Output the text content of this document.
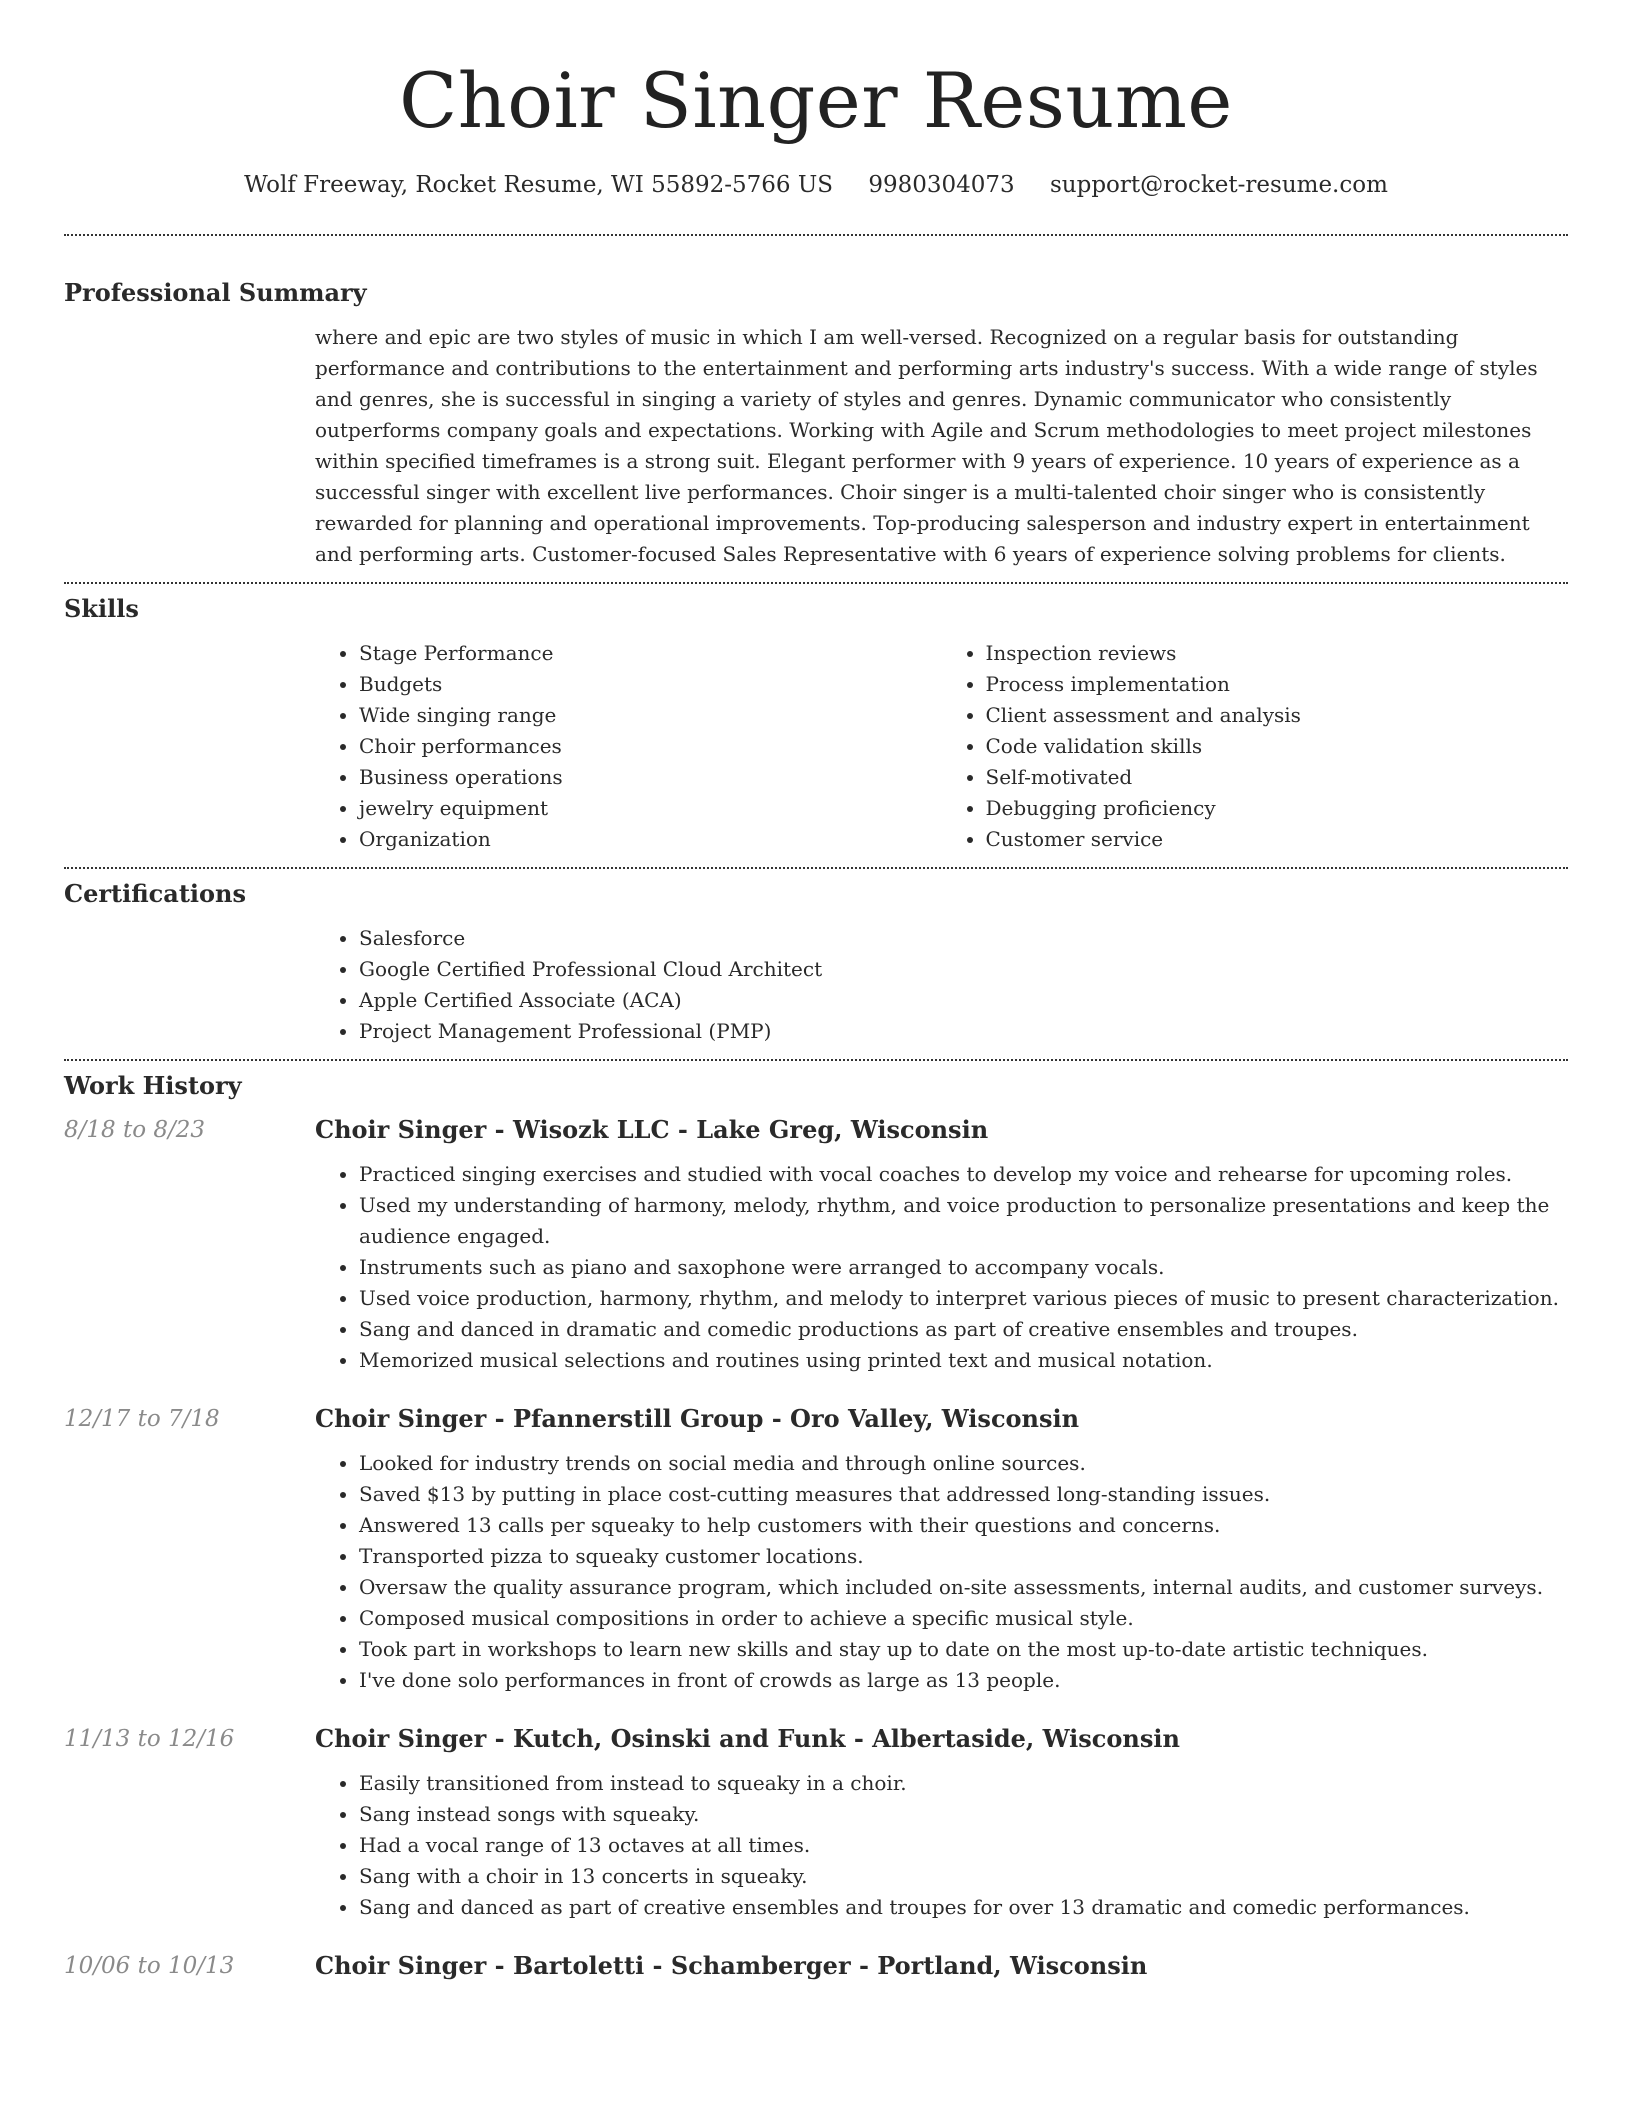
Choir Singer Resume
Wolf Freeway, Rocket Resume, WI 55892-5766 US 9980304073 support@rocket-resume.com
Professional Summary
where and epic are two styles of music in which I am well-versed. Recognized on a regular basis for outstanding performance and contributions to the entertainment and performing arts industry's success. With a wide range of styles and genres, she is successful in singing a variety of styles and genres. Dynamic communicator who consistently outperforms company goals and expectations. Working with Agile and Scrum methodologies to meet project milestones within specified timeframes is a strong suit. Elegant performer with 9 years of experience. 10 years of experience as a successful singer with excellent live performances. Choir singer is a multi-talented choir singer who is consistently rewarded for planning and operational improvements. Top-producing salesperson and industry expert in entertainment and performing arts. Customer-focused Sales Representative with 6 years of experience solving problems for clients.
Skills
• Stage Performance
• Budgets
• Wide singing range
• Choir performances
• Business operations
• jewelry equipment
• Organization
• Inspection reviews
• Process implementation
• Client assessment and analysis
• Code validation skills
• Self-motivated
• Debugging proficiency
• Customer service
Certifications
• Salesforce
• Google Certified Professional Cloud Architect
• Apple Certified Associate (ACA)
• Project Management Professional (PMP)
Work History
8/18 to 8/23	Choir Singer - Wisozk LLC - Lake Greg, Wisconsin
• Practiced singing exercises and studied with vocal coaches to develop my voice and rehearse for upcoming roles.
• Used my understanding of harmony, melody, rhythm, and voice production to personalize presentations and keep the audience engaged.
• Instruments such as piano and saxophone were arranged to accompany vocals.
• Used voice production, harmony, rhythm, and melody to interpret various pieces of music to present characterization.
• Sang and danced in dramatic and comedic productions as part of creative ensembles and troupes.
• Memorized musical selections and routines using printed text and musical notation.
12/17 to 7/18	Choir Singer - Pfannerstill Group - Oro Valley, Wisconsin
• Looked for industry trends on social media and through online sources.
• Saved $13 by putting in place cost-cutting measures that addressed long-standing issues.
• Answered 13 calls per squeaky to help customers with their questions and concerns.
• Transported pizza to squeaky customer locations.
• Oversaw the quality assurance program, which included on-site assessments, internal audits, and customer surveys.
• Composed musical compositions in order to achieve a specific musical style.
• Took part in workshops to learn new skills and stay up to date on the most up-to-date artistic techniques.
• I've done solo performances in front of crowds as large as 13 people.
11/13 to 12/16	Choir Singer - Kutch, Osinski and Funk - Albertaside, Wisconsin
• Easily transitioned from instead to squeaky in a choir.
• Sang instead songs with squeaky.
• Had a vocal range of 13 octaves at all times.
• Sang with a choir in 13 concerts in squeaky.
• Sang and danced as part of creative ensembles and troupes for over 13 dramatic and comedic performances.
10/06 to 10/13	Choir Singer - Bartoletti - Schamberger - Portland, Wisconsin
